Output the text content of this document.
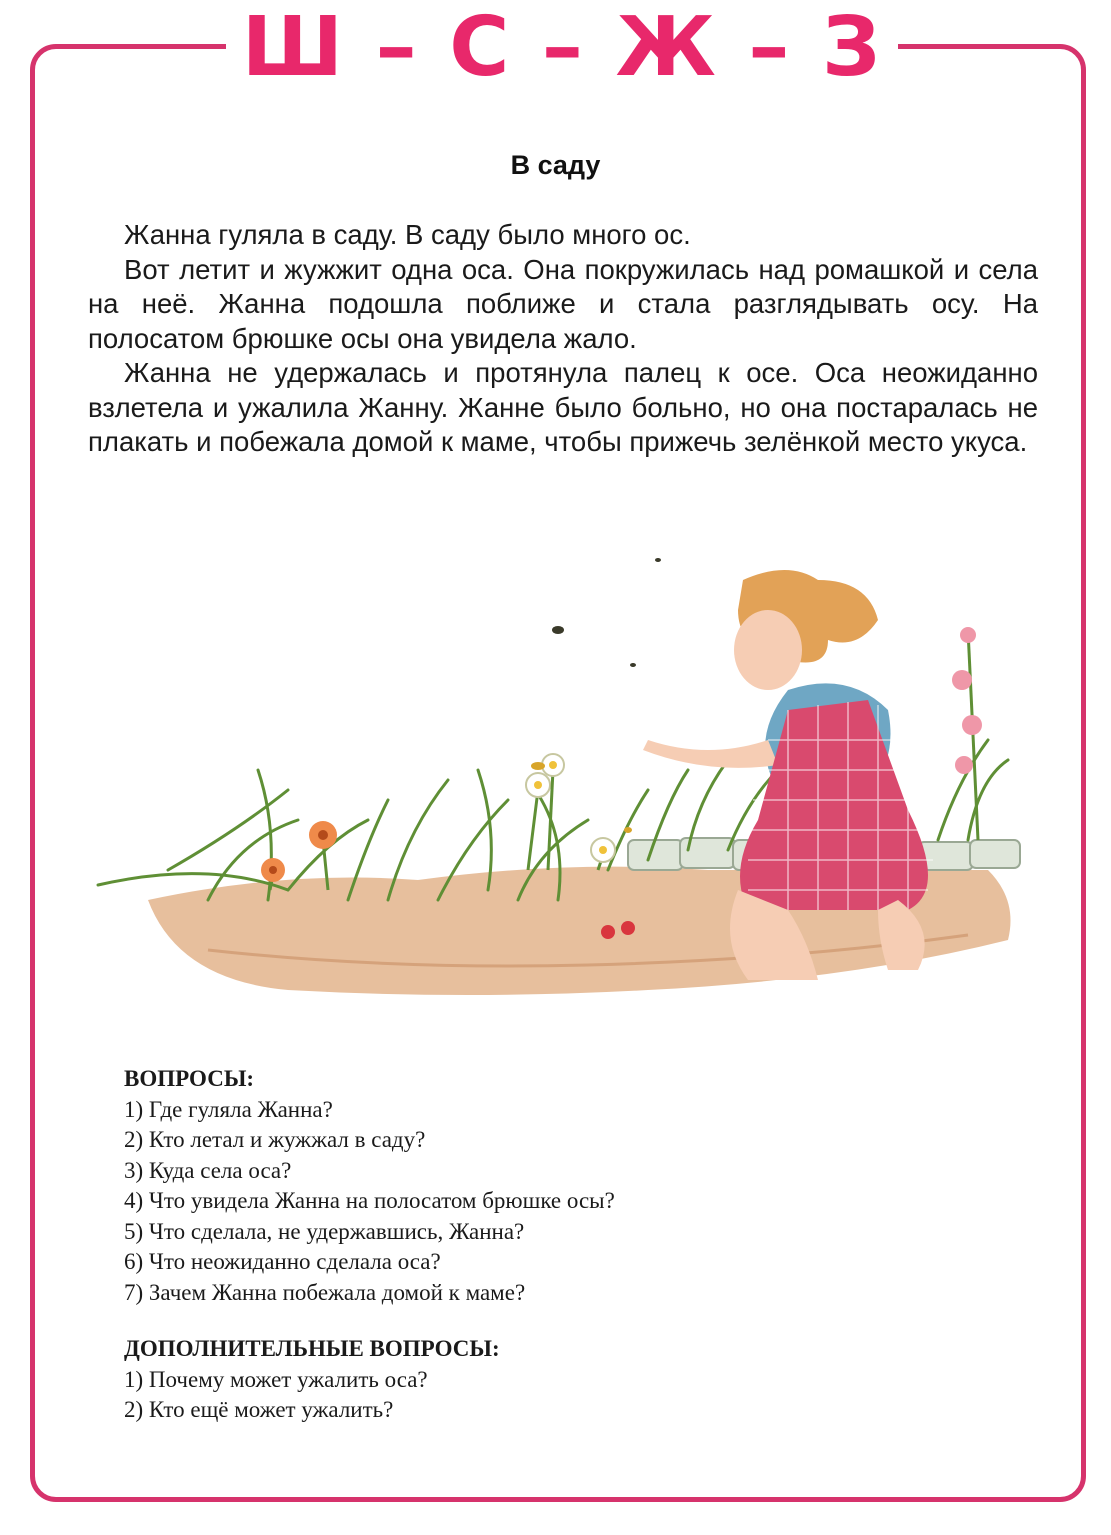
Ш – С – Ж – З
В саду

Жанна гуляла в саду. В саду было много ос.

Вот летит и жужжит одна оса. Она покружилась над ромашкой и села на неё. Жанна подошла поближе и стала разглядывать осу. На полосатом брюшке осы она увидела жало.

Жанна не удержалась и протянула палец к осе. Оса неожиданно взлетела и ужалила Жанну. Жанне было больно, но она постаралась не плакать и побежала домой к маме, чтобы прижечь зелёнкой место укуса.

ВОПРОСЫ:

1) Где гуляла Жанна?
2) Кто летал и жужжал в саду?
3) Куда села оса?
4) Что увидела Жанна на полосатом брюшке осы?
5) Что сделала, не удержавшись, Жанна?
6) Что неожиданно сделала оса?
7) Зачем Жанна побежала домой к маме?

ДОПОЛНИТЕЛЬНЫЕ ВОПРОСЫ:

1) Почему может ужалить оса?
2) Кто ещё может ужалить?
